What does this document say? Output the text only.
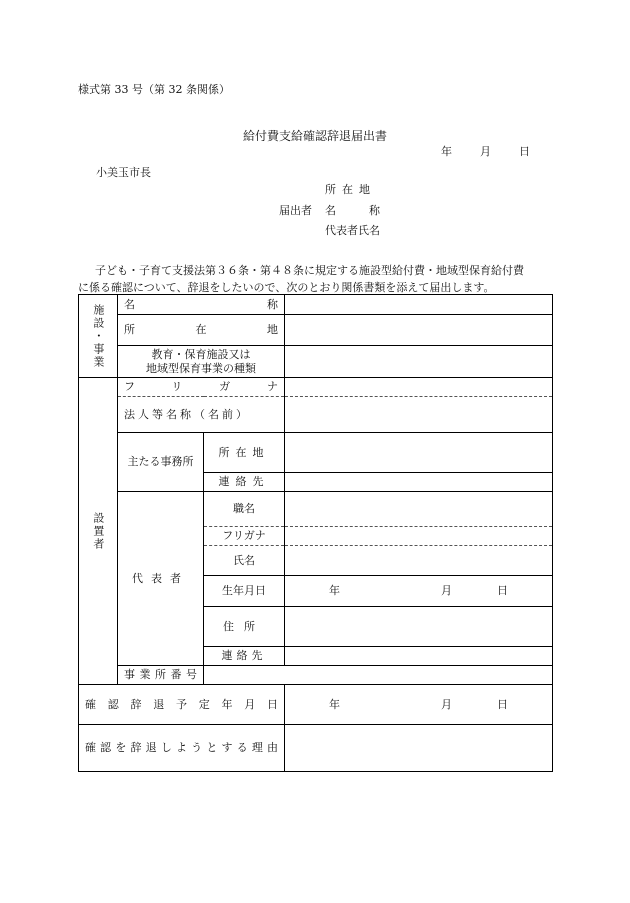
様式第 33 号（第 32 条関係）
給付費支給確認辞退届出書
年	月	日
小美玉市長
所在地
届出者 名　　　称
代表者氏名
子ども・子育て支援法第３６条・第４８条に規定する施設型給付費・地域型保育給付費
に係る確認について、辞退をしたいので、次のとおり関係書類を添えて届出します。
施設・事業	名称		
	所在地		

	教育・保育施設又は
地域型保育事業の種類		

設置者	フリガナ		
	法人等名称（名前）		
	主たる事務所	所在地	
		連絡先	
	代表者	職名	
		フリガナ	
		氏名	
		生年月日	年 月 日
		住所	
		連絡先	

	事業所番号		
確認辞退予定年月日			年 月 日
確認を辞退しようとする理由			
